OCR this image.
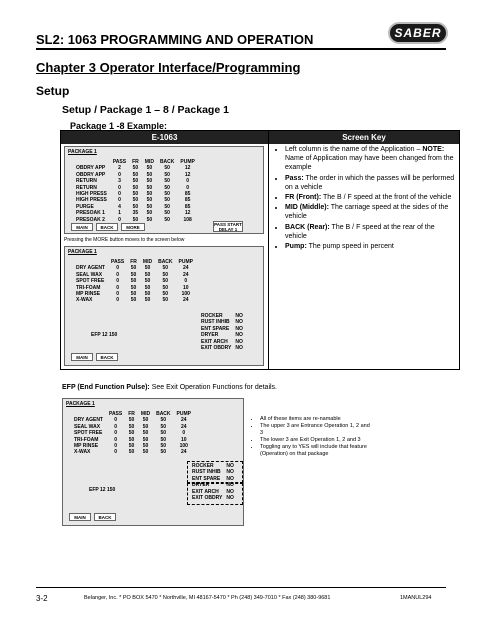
SL2: 1063 PROGRAMMING AND OPERATION	SABER
Chapter 3 Operator Interface/Programming
Setup
Setup / Package 1 – 8 / Package 1
Package 1 -8 Example:
E-1063
PACKAGE 1
	PASS	FR	MID	BACK	PUMP
OBDRY APP	2	50	50	50	12
OBDRY APP	0	50	50	50	12
RETURN	3	50	50	50	0
RETURN	0	50	50	50	0
HIGH PRESS	0	50	50	50	85
HIGH PRESS	0	50	50	50	85
PURGE	4	50	50	50	85
PRESOAK 1	1	35	50	50	12
PRESOAK 2	0	50	50	50	108
PASS START
DELAY 1
MAIN	BACK	MORE
Pressing the MORE button moves to the screen below
PACKAGE 1
	PASS	FR	MID	BACK	PUMP
DRY AGENT	0	50	50	50	24
SEAL WAX	0	50	50	50	24
SPOT FREE	0	50	50	50	0
TRI-FOAM	0	50	50	50	10
MP RINSE	0	50	50	50	100
X-WAX	0	50	50	50	24
ROCKER	NO
RUST INHIB	NO
ENT SPARE	NO
DRYER	NO
EXIT ARCH	NO
EXIT OBDRY	NO
EFP 12 150
MAIN	BACK
Screen Key
• Left column is the name of the Application – NOTE: Name of Application may have been changed from the example
• Pass: The order in which the passes will be performed on a vehicle
• FR (Front): The B / F speed at the front of the vehicle
• MID (Middle): The carriage speed at the sides of the vehicle
• BACK (Rear): The B / F speed at the rear of the vehicle
• Pump: The pump speed in percent
EFP (End Function Pulse): See Exit Operation Functions for details.
PACKAGE 1
	PASS	FR	MID	BACK	PUMP
DRY AGENT	0	50	50	50	24
SEAL WAX	0	50	50	50	24
SPOT FREE	0	50	50	50	0
TRI-FOAM	0	50	50	50	10
MP RINSE	0	50	50	50	100
X-WAX	0	50	50	50	24
ROCKER	NO
RUST INHIB	NO
ENT SPARE	NO
DRYER	NO
EXIT ARCH	NO
EXIT OBDRY	NO
EFP 12 150
MAIN	BACK
• All of these items are re-namable
• The upper 3 are Entrance Operation 1, 2 and 3
• The lower 3 are Exit Operation 1, 2 and 3
• Toggling any to YES will include that feature (Operation) on that package
3-2	Belanger, Inc. * PO BOX 5470 * Northville, MI 48167-5470 * Ph (248) 349-7010 * Fax (248) 380-9681	1MANUL294
